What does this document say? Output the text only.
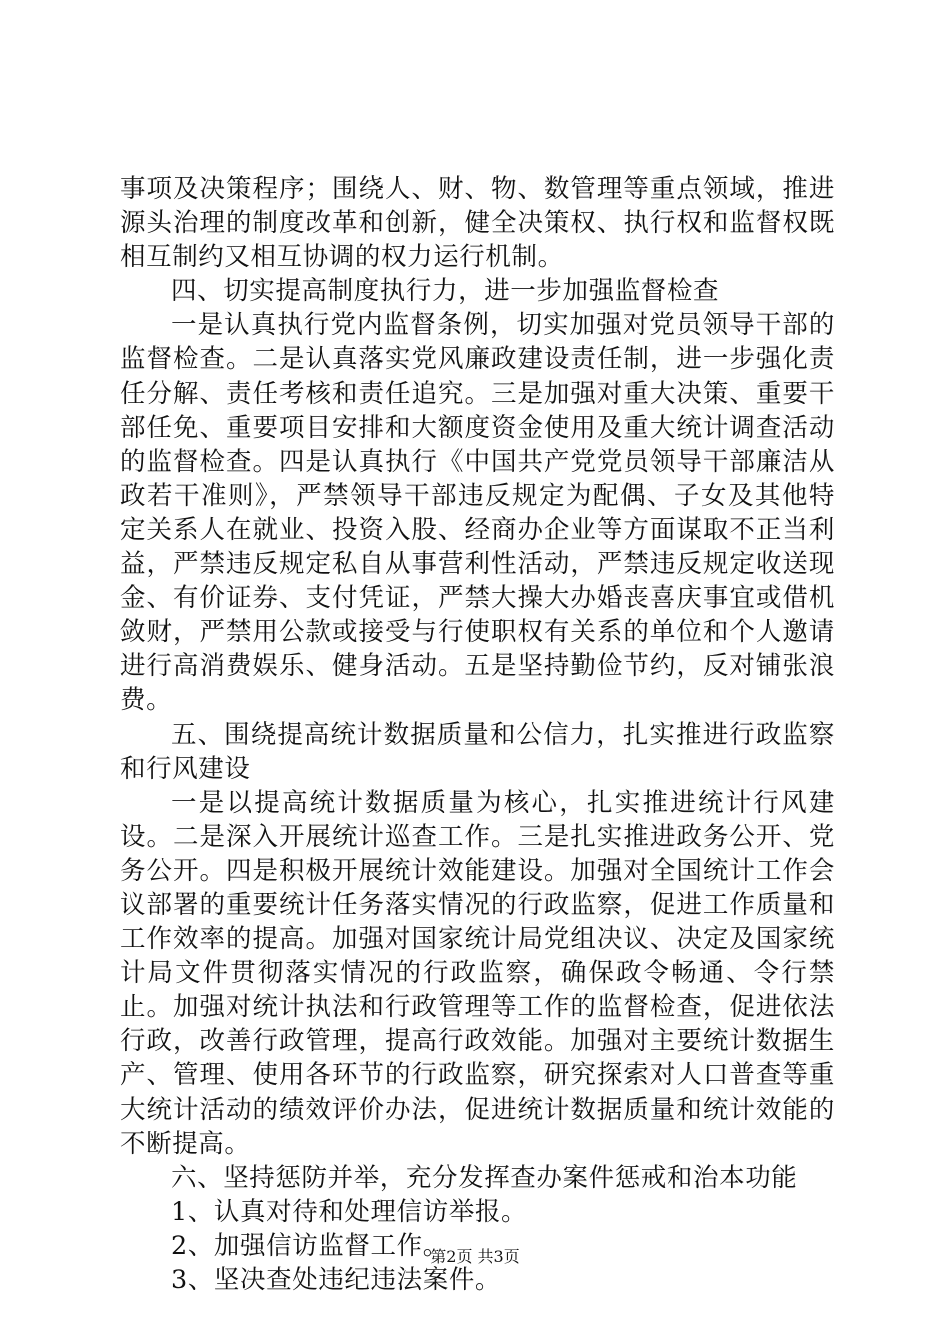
事项及决策程序；围绕人、财、物、数管理等重点领域，推进源头治理的制度改革和创新，健全决策权、执行权和监督权既相互制约又相互协调的权力运行机制。

四、切实提高制度执行力，进一步加强监督检查

一是认真执行党内监督条例，切实加强对党员领导干部的监督检查。二是认真落实党风廉政建设责任制，进一步强化责任分解、责任考核和责任追究。三是加强对重大决策、重要干部任免、重要项目安排和大额度资金使用及重大统计调查活动的监督检查。四是认真执行《中国共产党党员领导干部廉洁从政若干准则》，严禁领导干部违反规定为配偶、子女及其他特定关系人在就业、投资入股、经商办企业等方面谋取不正当利益，严禁违反规定私自从事营利性活动，严禁违反规定收送现金、有价证券、支付凭证，严禁大操大办婚丧喜庆事宜或借机敛财，严禁用公款或接受与行使职权有关系的单位和个人邀请进行高消费娱乐、健身活动。五是坚持勤俭节约，反对铺张浪费。

五、围绕提高统计数据质量和公信力，扎实推进行政监察和行风建设

一是以提高统计数据质量为核心，扎实推进统计行风建设。二是深入开展统计巡查工作。三是扎实推进政务公开、党务公开。四是积极开展统计效能建设。加强对全国统计工作会议部署的重要统计任务落实情况的行政监察，促进工作质量和工作效率的提高。加强对国家统计局党组决议、决定及国家统计局文件贯彻落实情况的行政监察，确保政令畅通、令行禁止。加强对统计执法和行政管理等工作的监督检查，促进依法行政，改善行政管理，提高行政效能。加强对主要统计数据生产、管理、使用各环节的行政监察，研究探索对人口普查等重大统计活动的绩效评价办法，促进统计数据质量和统计效能的不断提高。

六、坚持惩防并举，充分发挥查办案件惩戒和治本功能

1、认真对待和处理信访举报。

2、加强信访监督工作。

3、坚决查处违纪违法案件。

第2页 共3页
